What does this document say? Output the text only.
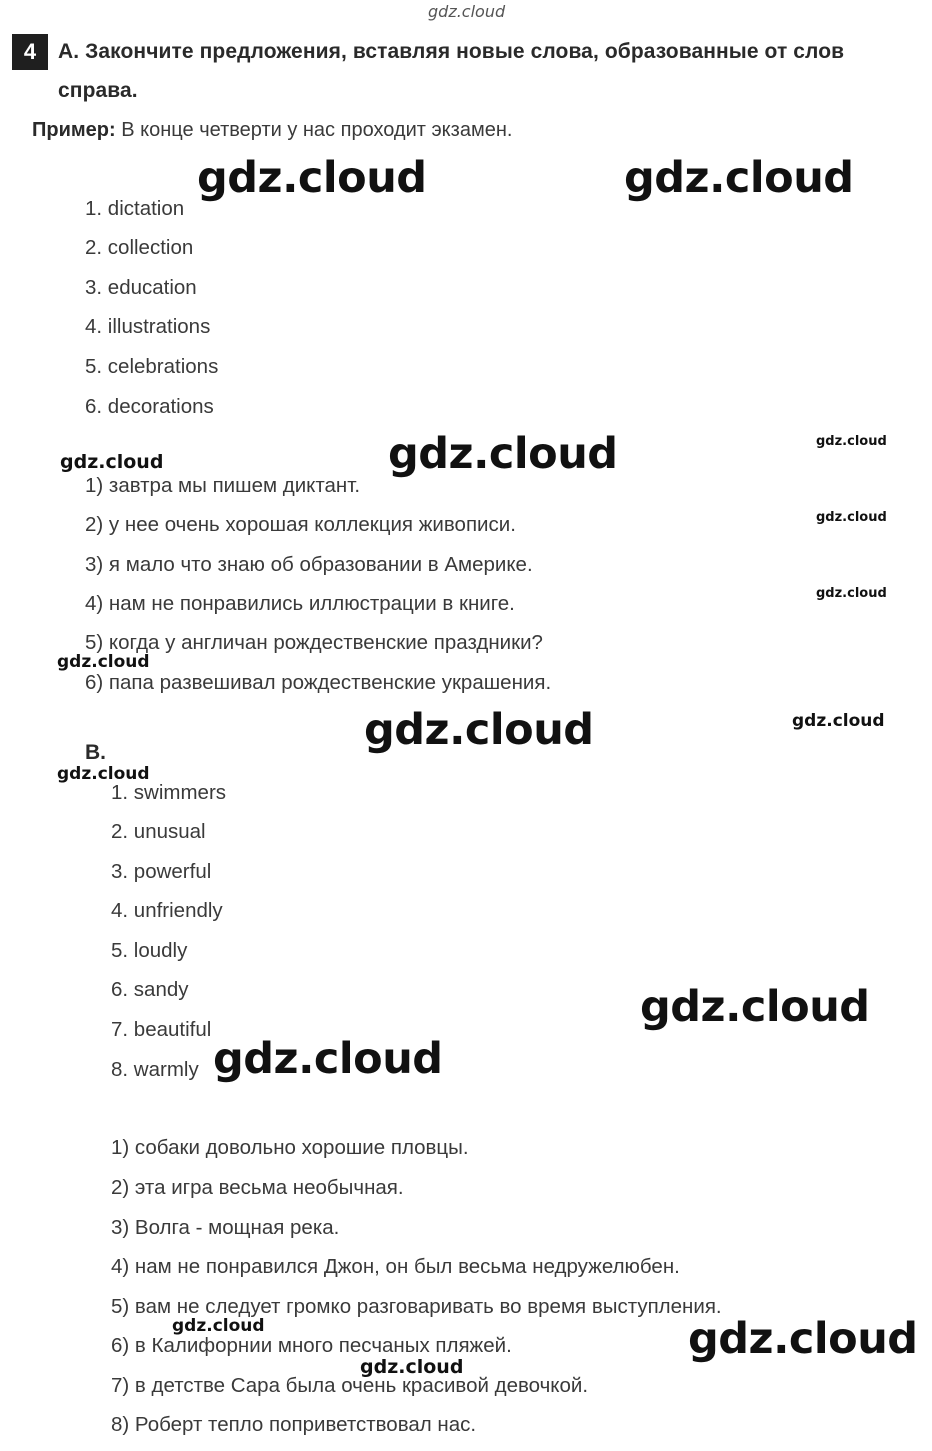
gdz.cloud
4	А. Закончите предложения, вставляя новые слова, образованные от слов
справа.
Пример: В конце четверти у нас проходит экзамен.
1. dictation
2. collection
3. education
4. illustrations
5. celebrations
6. decorations
1) завтра мы пишем диктант.
2) у нее очень хорошая коллекция живописи.
3) я мало что знаю об образовании в Америке.
4) нам не понравились иллюстрации в книге.
5) когда у англичан рождественские праздники?
6) папа развешивал рождественские украшения.
В.
1. swimmers
2. unusual
3. powerful
4. unfriendly
5. loudly
6. sandy
7. beautiful
8. warmly
1) собаки довольно хорошие пловцы.
2) эта игра весьма необычная.
3) Волга - мощная река.
4) нам не понравился Джон, он был весьма недружелюбен.
5) вам не следует громко разговаривать во время выступления.
6) в Калифорнии много песчаных пляжей.
7) в детстве Сара была очень красивой девочкой.
8) Роберт тепло поприветствовал нас.
gdz.cloud	gdz.cloud
gdz.cloud
gdz.cloud
gdz.cloud
gdz.cloud
gdz.cloud
gdz.cloud
gdz.cloud	gdz.cloud
gdz.cloud
gdz.cloud
gdz.cloud
gdz.cloud	gdz.cloud
gdz.cloud
